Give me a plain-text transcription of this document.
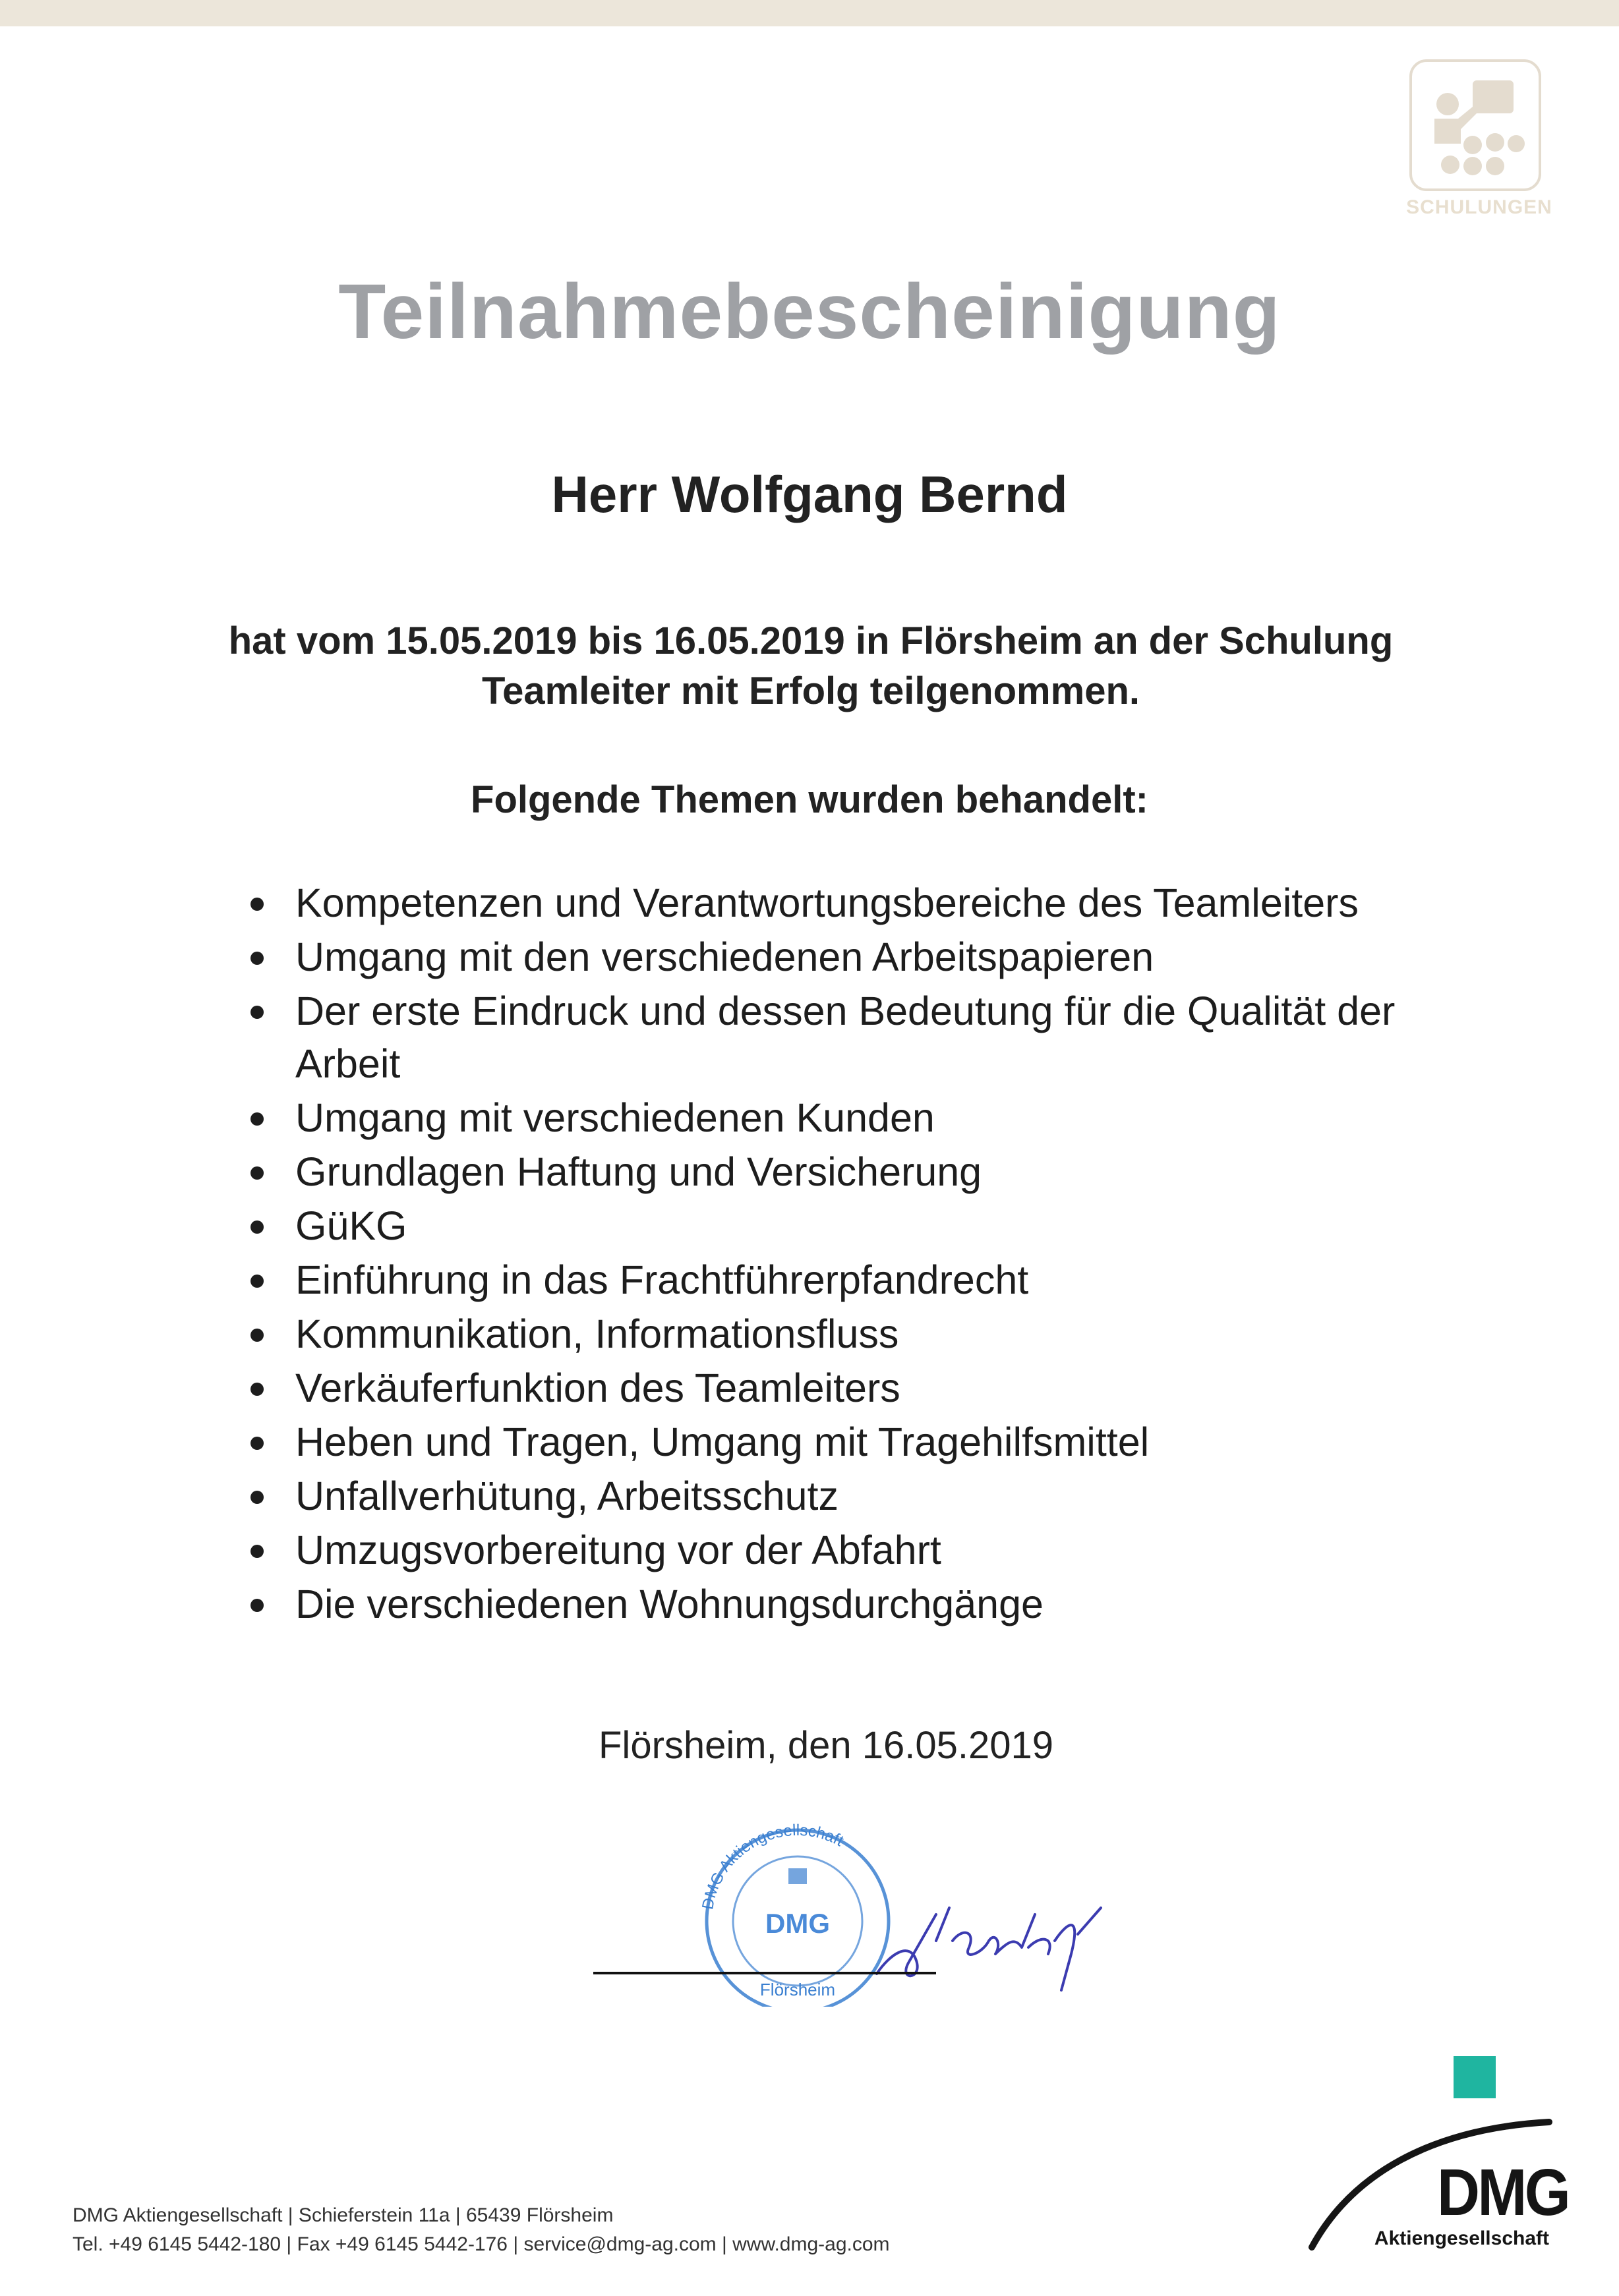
SCHULUNGEN
Teilnahmebescheinigung
Herr Wolfgang Bernd
hat vom 15.05.2019 bis 16.05.2019 in Flörsheim an der Schulung
Teamleiter mit Erfolg teilgenommen.
Folgende Themen wurden behandelt:
Kompetenzen und Verantwortungsbereiche des Teamleiters
Umgang mit den verschiedenen Arbeitspapieren
Der erste Eindruck und dessen Bedeutung für die Qualität der Arbeit
Umgang mit verschiedenen Kunden
Grundlagen Haftung und Versicherung
GüKG
Einführung in das Frachtführerpfandrecht
Kommunikation, Informationsfluss
Verkäuferfunktion des Teamleiters
Heben und Tragen, Umgang mit Tragehilfsmittel
Unfallverhütung, Arbeitsschutz
Umzugsvorbereitung vor der Abfahrt
Die verschiedenen Wohnungsdurchgänge
Flörsheim, den 16.05.2019
DMG Aktiengesellschaft
DMG
Flörsheim
DMG
Aktiengesellschaft
DMG Aktiengesellschaft | Schieferstein 11a | 65439 Flörsheim
Tel. +49 6145 5442-180 | Fax +49 6145 5442-176 | service@dmg-ag.com | www.dmg-ag.com
